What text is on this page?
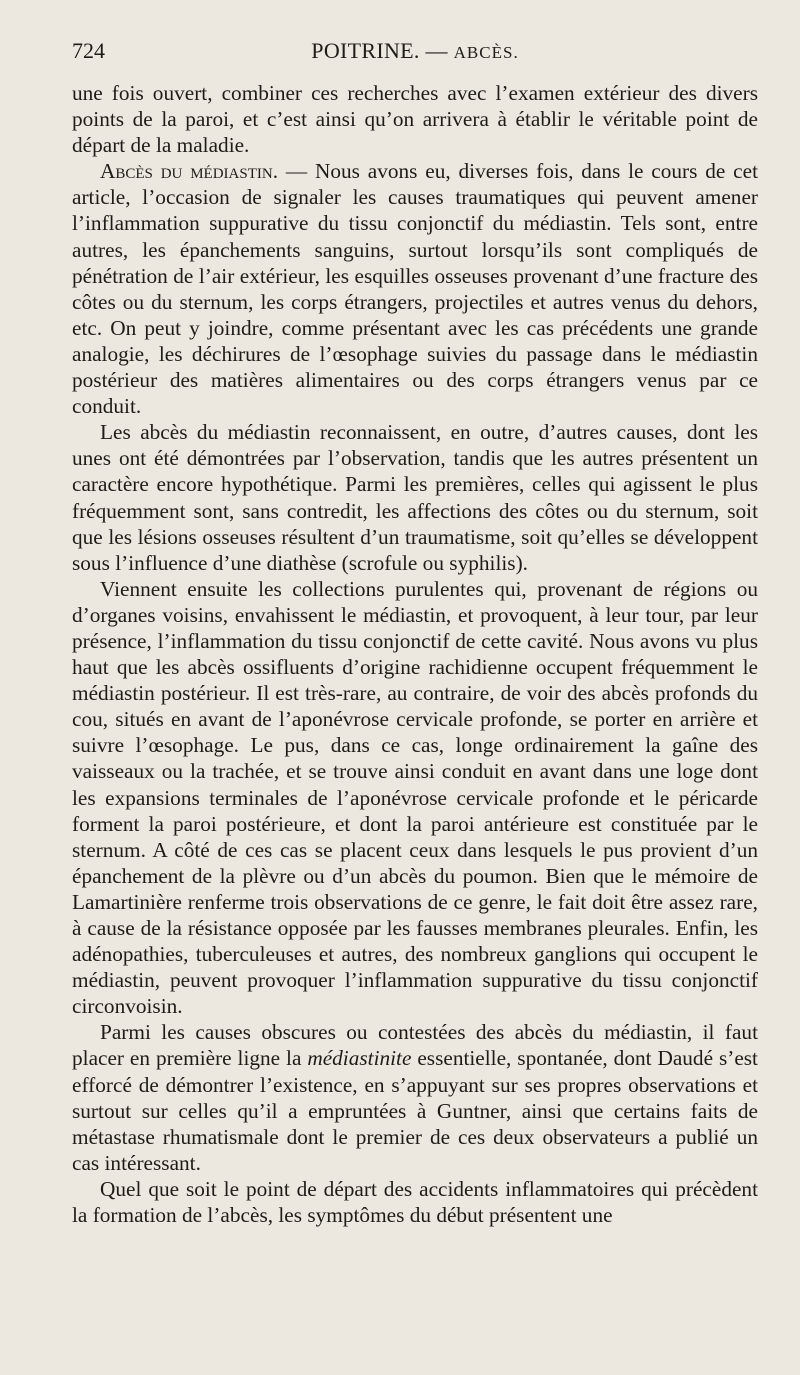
724	POITRINE. — ABCÈS.

une fois ouvert, combiner ces recherches avec l’examen extérieur des divers points de la paroi, et c’est ainsi qu’on arrivera à établir le véritable point de départ de la maladie.

Abcès du médiastin. — Nous avons eu, diverses fois, dans le cours de cet article, l’occasion de signaler les causes traumatiques qui peuvent amener l’inflammation suppurative du tissu conjonctif du médiastin. Tels sont, entre autres, les épanchements sanguins, surtout lorsqu’ils sont compliqués de pénétration de l’air extérieur, les esquilles osseuses provenant d’une fracture des côtes ou du sternum, les corps étrangers, projectiles et autres venus du dehors, etc. On peut y joindre, comme présentant avec les cas précédents une grande analogie, les déchirures de l’œsophage suivies du passage dans le médiastin postérieur des matières alimentaires ou des corps étrangers venus par ce conduit.

Les abcès du médiastin reconnaissent, en outre, d’autres causes, dont les unes ont été démontrées par l’observation, tandis que les autres présentent un caractère encore hypothétique. Parmi les premières, celles qui agissent le plus fréquemment sont, sans contredit, les affections des côtes ou du sternum, soit que les lésions osseuses résultent d’un traumatisme, soit qu’elles se développent sous l’influence d’une diathèse (scrofule ou syphilis).

Viennent ensuite les collections purulentes qui, provenant de régions ou d’organes voisins, envahissent le médiastin, et provoquent, à leur tour, par leur présence, l’inflammation du tissu conjonctif de cette cavité. Nous avons vu plus haut que les abcès ossifluents d’origine rachidienne occupent fréquemment le médiastin postérieur. Il est très-rare, au contraire, de voir des abcès profonds du cou, situés en avant de l’aponévrose cervicale profonde, se porter en arrière et suivre l’œsophage. Le pus, dans ce cas, longe ordinairement la gaîne des vaisseaux ou la trachée, et se trouve ainsi conduit en avant dans une loge dont les expansions terminales de l’aponévrose cervicale profonde et le péricarde forment la paroi postérieure, et dont la paroi antérieure est constituée par le sternum. A côté de ces cas se placent ceux dans lesquels le pus provient d’un épanchement de la plèvre ou d’un abcès du poumon. Bien que le mémoire de Lamartinière renferme trois observations de ce genre, le fait doit être assez rare, à cause de la résistance opposée par les fausses membranes pleurales. Enfin, les adénopathies, tuberculeuses et autres, des nombreux ganglions qui occupent le médiastin, peuvent provoquer l’inflammation suppurative du tissu conjonctif circonvoisin.

Parmi les causes obscures ou contestées des abcès du médiastin, il faut placer en première ligne la médiastinite essentielle, spontanée, dont Daudé s’est efforcé de démontrer l’existence, en s’appuyant sur ses propres observations et surtout sur celles qu’il a empruntées à Guntner, ainsi que certains faits de métastase rhumatismale dont le premier de ces deux observateurs a publié un cas intéressant.

Quel que soit le point de départ des accidents inflammatoires qui précèdent la formation de l’abcès, les symptômes du début présentent une
